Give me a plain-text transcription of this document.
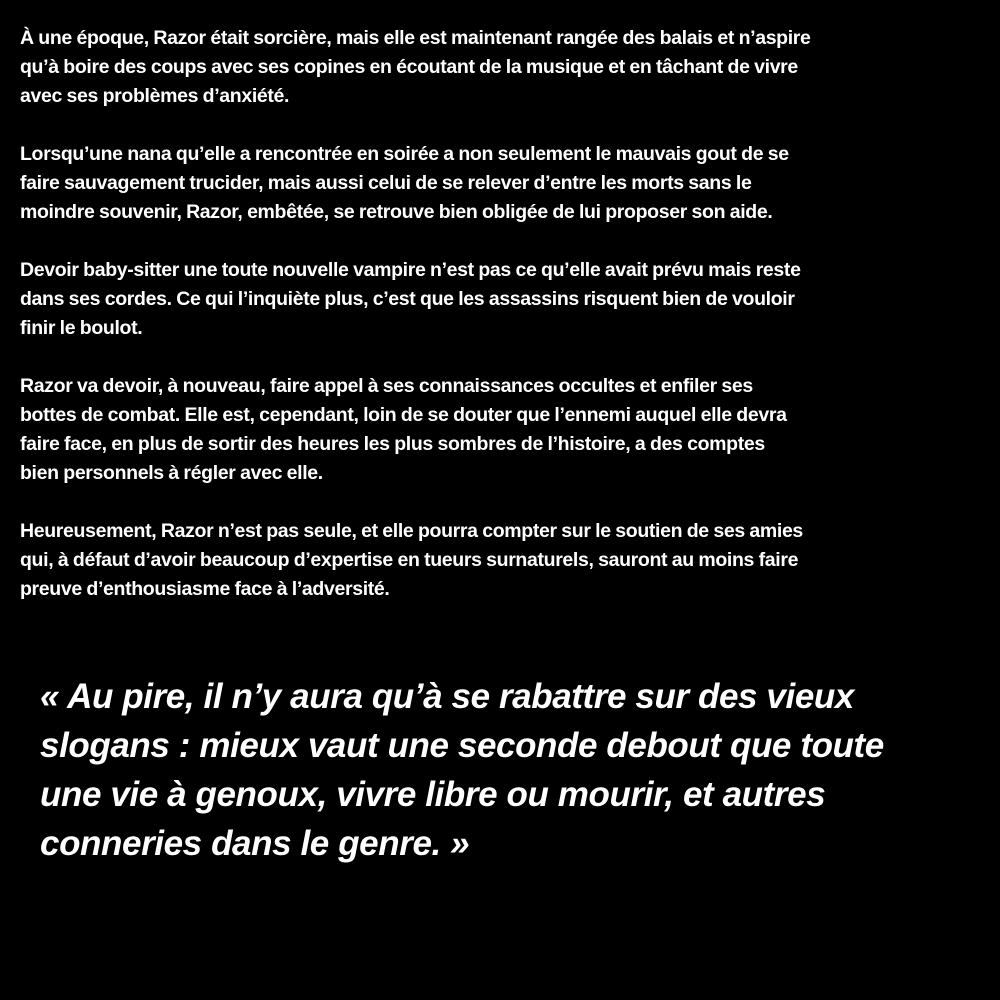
À une époque, Razor était sorcière, mais elle est maintenant rangée des balais et n’aspire
qu’à boire des coups avec ses copines en écoutant de la musique et en tâchant de vivre
avec ses problèmes d’anxiété.

Lorsqu’une nana qu’elle a rencontrée en soirée a non seulement le mauvais gout de se
faire sauvagement trucider, mais aussi celui de se relever d’entre les morts sans le
moindre souvenir, Razor, embêtée, se retrouve bien obligée de lui proposer son aide.

Devoir baby-sitter une toute nouvelle vampire n’est pas ce qu’elle avait prévu mais reste
dans ses cordes. Ce qui l’inquiète plus, c’est que les assassins risquent bien de vouloir
finir le boulot.

Razor va devoir, à nouveau, faire appel à ses connaissances occultes et enfiler ses
bottes de combat. Elle est, cependant, loin de se douter que l’ennemi auquel elle devra
faire face, en plus de sortir des heures les plus sombres de l’histoire, a des comptes
bien personnels à régler avec elle.

Heureusement, Razor n’est pas seule, et elle pourra compter sur le soutien de ses amies
qui, à défaut d’avoir beaucoup d’expertise en tueurs surnaturels, sauront au moins faire
preuve d’enthousiasme face à l’adversité.

« Au pire, il n’y aura qu’à se rabattre sur des vieux
slogans : mieux vaut une seconde debout que toute
une vie à genoux, vivre libre ou mourir, et autres
conneries dans le genre. »
